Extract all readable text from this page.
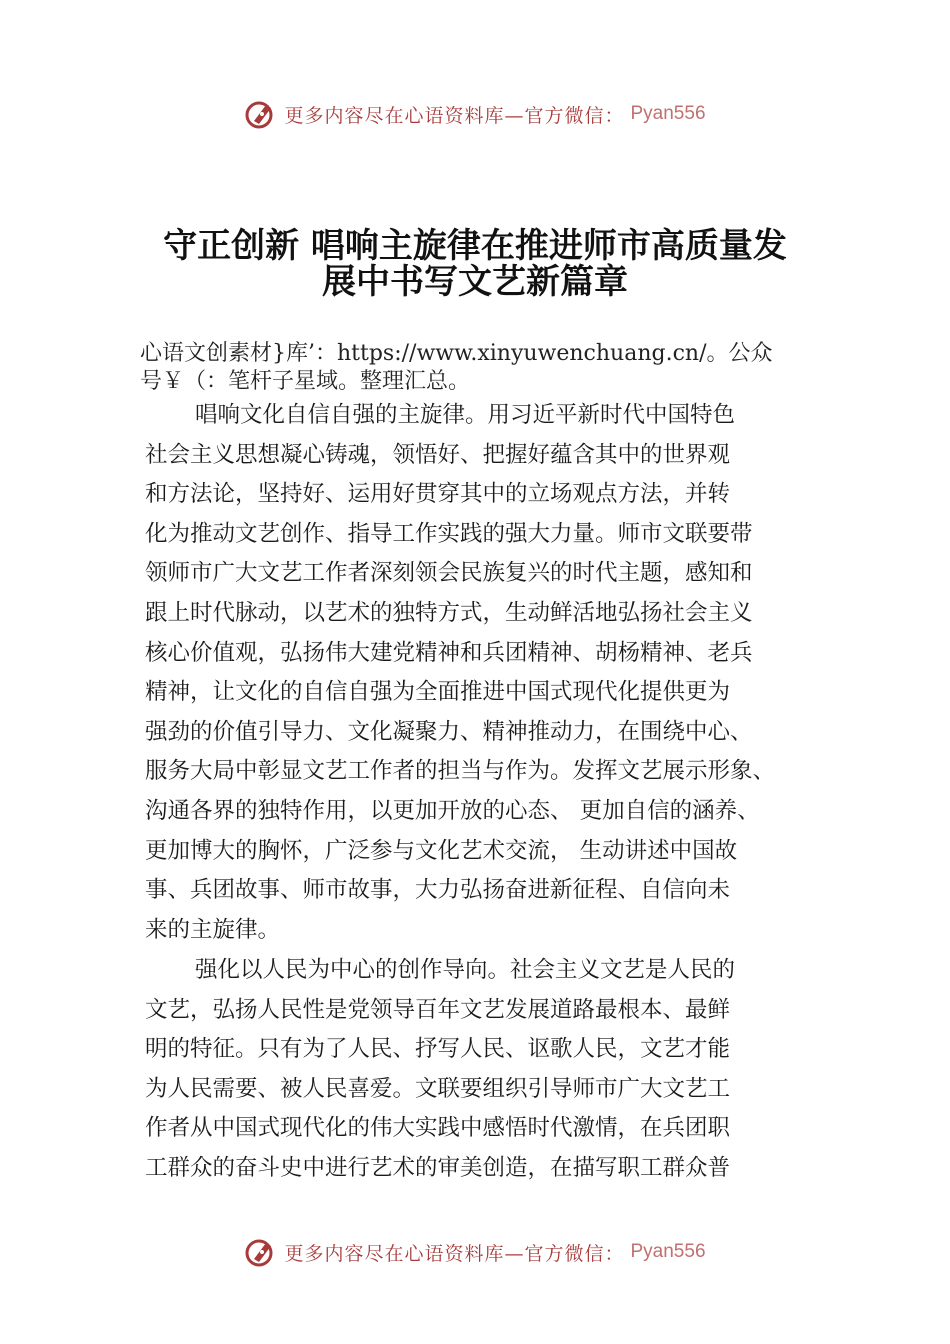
更多内容尽在心语资料库—官方微信： Pyan556
守正创新 唱响主旋律在推进师市高质量发
展中书写文艺新篇章
心语文创素材}库’：https://www.xinyuwenchuang.cn/。公众
号￥（：笔杆子星域。整理汇总。
唱响文化自信自强的主旋律。用习近平新时代中国特色
社会主义思想凝心铸魂，领悟好、把握好蕴含其中的世界观
和方法论，坚持好、运用好贯穿其中的立场观点方法，并转
化为推动文艺创作、指导工作实践的强大力量。师市文联要带
领师市广大文艺工作者深刻领会民族复兴的时代主题，感知和
跟上时代脉动，以艺术的独特方式，生动鲜活地弘扬社会主义
核心价值观，弘扬伟大建党精神和兵团精神、胡杨精神、老兵
精神，让文化的自信自强为全面推进中国式现代化提供更为
强劲的价值引导力、文化凝聚力、精神推动力，在围绕中心、
服务大局中彰显文艺工作者的担当与作为。发挥文艺展示形象、
沟通各界的独特作用，以更加开放的心态、 更加自信的涵养、
更加博大的胸怀，广泛参与文化艺术交流， 生动讲述中国故
事、兵团故事、师市故事，大力弘扬奋进新征程、自信向未
来的主旋律。
强化以人民为中心的创作导向。社会主义文艺是人民的
文艺，弘扬人民性是党领导百年文艺发展道路最根本、最鲜
明的特征。只有为了人民、抒写人民、讴歌人民，文艺才能
为人民需要、被人民喜爱。文联要组织引导师市广大文艺工
作者从中国式现代化的伟大实践中感悟时代激情，在兵团职
工群众的奋斗史中进行艺术的审美创造，在描写职工群众普
更多内容尽在心语资料库—官方微信： Pyan556
